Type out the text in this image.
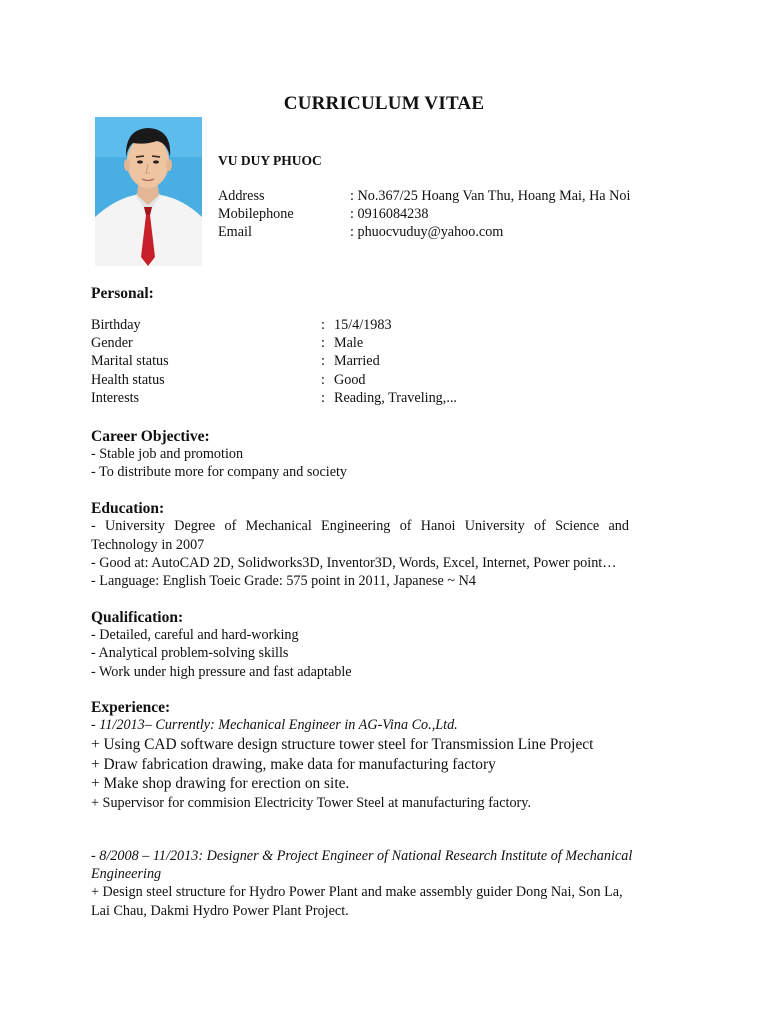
CURRICULUM VITAE
VU DUY PHUOC
Address	: No.367/25 Hoang Van Thu, Hoang Mai, Ha Noi
Mobilephone	: 0916084238
Email	: phuocvuduy@yahoo.com
Personal:
Birthday	: 15/4/1983
Gender	: Male
Marital status	: Married
Health status	: Good
Interests	: Reading, Traveling,...
Career Objective:
- Stable job and promotion
- To distribute more for company and society
Education:
- University Degree of Mechanical Engineering of Hanoi University of Science and
Technology in 2007
- Good at: AutoCAD 2D, Solidworks3D, Inventor3D, Words, Excel, Internet, Power point…
- Language: English Toeic Grade: 575 point in 2011, Japanese ~ N4
Qualification:
- Detailed, careful and hard-working
- Analytical problem-solving skills
- Work under high pressure and fast adaptable
Experience:
- 11/2013– Currently: Mechanical Engineer in AG-Vina Co.,Ltd.
+ Using CAD software design structure tower steel for Transmission Line Project
+ Draw fabrication drawing, make data for manufacturing factory
+ Make shop drawing for erection on site.
+ Supervisor for commision Electricity Tower Steel at manufacturing factory.
- 8/2008 – 11/2013: Designer & Project Engineer of National Research Institute of Mechanical
Engineering
+ Design steel structure for Hydro Power Plant and make assembly guider Dong Nai, Son La,
Lai Chau, Dakmi Hydro Power Plant Project.
